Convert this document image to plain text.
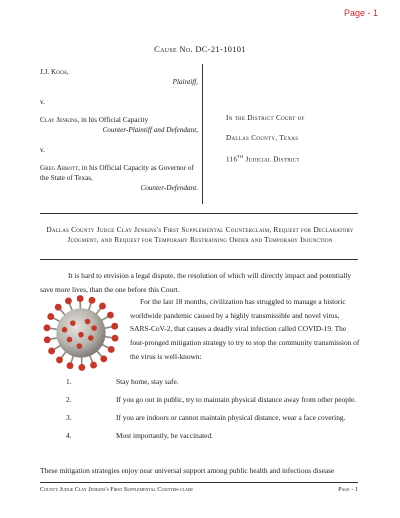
Page - 1
Cause No. DC-21-10101
J.J. Koch,
Plaintiff,
v.
Clay Jenkins, in his Official Capacity
Counter-Plaintiff and Defendant,
v.
Greg Abbott, in his Official Capacity as Governor of the State of Texas,
Counter-Defendant.
In the District Court of
Dallas County, Texas
116th Judicial District
Dallas County Judge Clay Jenkins's First Supplemental Counterclaim, Request for Declaratory Judgment, and Request for Temporary Restraining Order and Temporary Injunction
It is hard to envision a legal dispute, the resolution of which will directly impact and potentially save more lives, than the one before this Court.
For the last 18 months, civilization has struggled to manage a historic worldwide pandemic caused by a highly transmissible and novel virus, SARS-CoV-2, that causes a deadly viral infection called COVID-19. The four-pronged mitigation strategy to try to stop the community transmission of the virus is well-known:
1.	Stay home, stay safe.
2.	If you go out in public, try to maintain physical distance away from other people.
3.	If you are indoors or cannot maintain physical distance, wear a face covering.
4.	Most importantly, be vaccinated.
These mitigation strategies enjoy near universal support among public health and infectious disease
County Judge Clay Jenkins's First Supplemental Counter-claim	Page - 1
